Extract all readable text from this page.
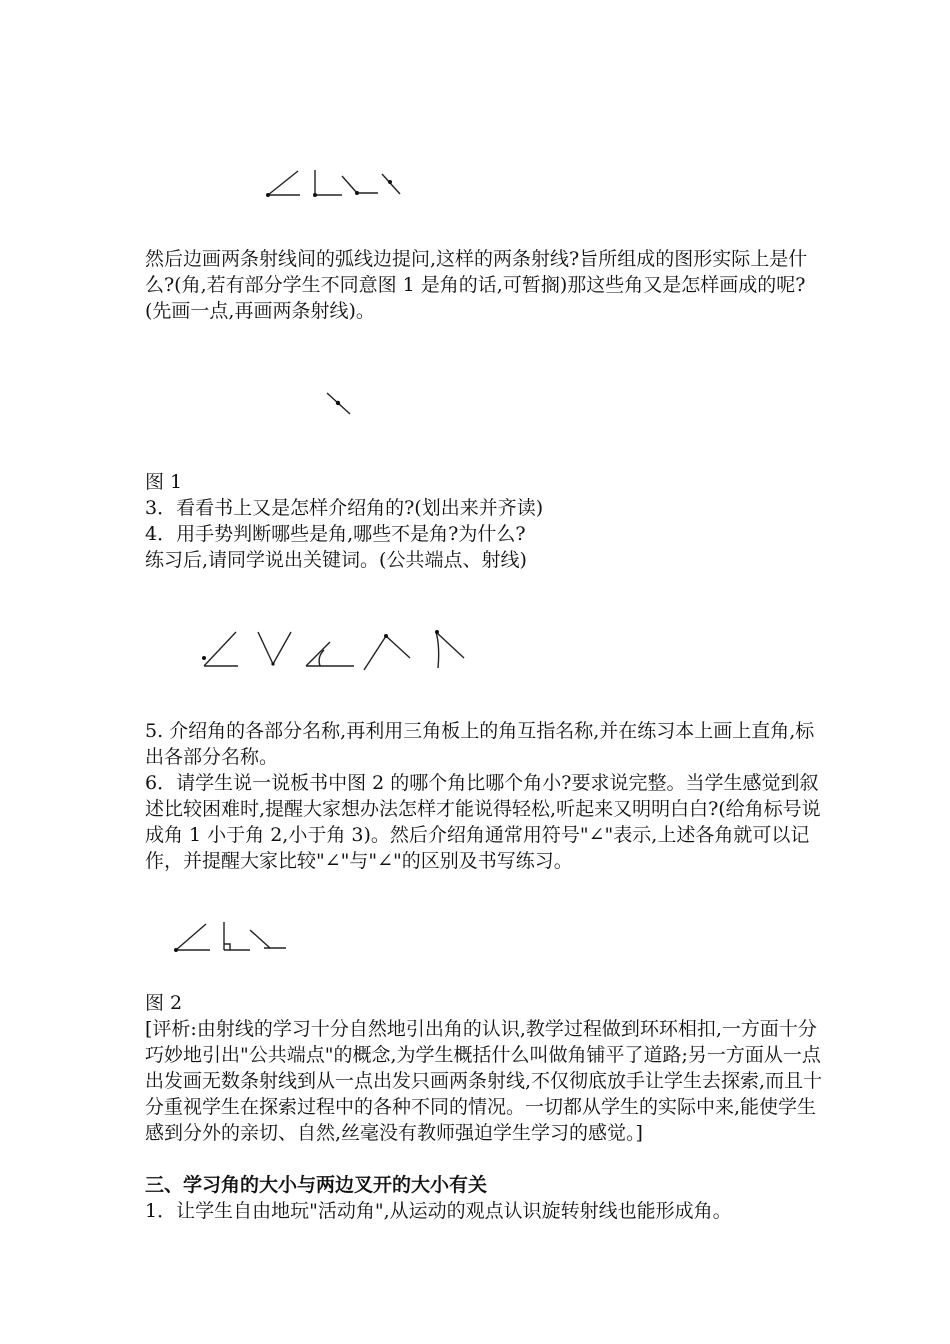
然后边画两条射线间的弧线边提问,这样的两条射线?旨所组成的图形实际上是什么?(角,若有部分学生不同意图 1 是角的话,可暂搁)那这些角又是怎样画成的呢?(先画一点,再画两条射线)。
图 1
3．看看书上又是怎样介绍角的?(划出来并齐读)
4．用手势判断哪些是角,哪些不是角?为什么?
练习后,请同学说出关键词。(公共端点、射线)
5. 介绍角的各部分名称,再利用三角板上的角互指名称,并在练习本上画上直角,标出各部分名称。
6．请学生说一说板书中图 2 的哪个角比哪个角小?要求说完整。当学生感觉到叙述比较困难时,提醒大家想办法怎样才能说得轻松,听起来又明明白白?(给角标号说成角 1 小于角 2,小于角 3)。然后介绍角通常用符号"∠"表示,上述各角就可以记作，并提醒大家比较"∠"与"∠"的区别及书写练习。
图 2
[评析:由射线的学习十分自然地引出角的认识,教学过程做到环环相扣,一方面十分巧妙地引出"公共端点"的概念,为学生概括什么叫做角铺平了道路;另一方面从一点出发画无数条射线到从一点出发只画两条射线,不仅彻底放手让学生去探索,而且十分重视学生在探索过程中的各种不同的情况。一切都从学生的实际中来,能使学生感到分外的亲切、自然,丝毫没有教师强迫学生学习的感觉。]
三、学习角的大小与两边叉开的大小有关
1．让学生自由地玩"活动角",从运动的观点认识旋转射线也能形成角。
